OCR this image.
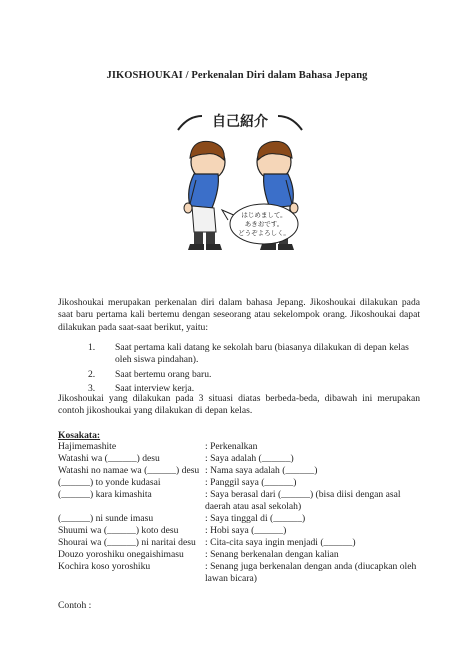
JIKOSHOUKAI / Perkenalan Diri dalam Bahasa Jepang
自己紹介
はじめまして。
あきおです。
どうぞよろしく。
Jikoshoukai merupakan perkenalan diri dalam bahasa Jepang. Jikoshoukai dilakukan pada saat baru pertama kali bertemu dengan seseorang atau sekelompok orang. Jikoshoukai dapat dilakukan pada saat-saat berikut, yaitu:
1. Saat pertama kali datang ke sekolah baru (biasanya dilakukan di depan kelas oleh siswa pindahan).
2. Saat bertemu orang baru.
3. Saat interview kerja.
Jikoshoukai yang dilakukan pada 3 situasi diatas berbeda-beda, dibawah ini merupakan contoh jikoshoukai yang dilakukan di depan kelas.
Kosakata:
Hajimemashite	: Perkenalkan
Watashi wa (______) desu	: Saya adalah (______)
Watashi no namae wa (______) desu : Nama saya adalah (______)
(______) to yonde kudasai	: Panggil saya (______)
(______) kara kimashita	: Saya berasal dari (______) (bisa diisi dengan asal daerah atau asal sekolah)
(______) ni sunde imasu	: Saya tinggal di (______)
Shuumi wa (______) koto desu	: Hobi saya (______)
Shourai wa (______) ni naritai desu : Cita-cita saya ingin menjadi (______)
Douzo yoroshiku onegaishimasu : Senang berkenalan dengan kalian
Kochira koso yoroshiku	: Senang juga berkenalan dengan anda (diucapkan oleh lawan bicara)
Contoh :
